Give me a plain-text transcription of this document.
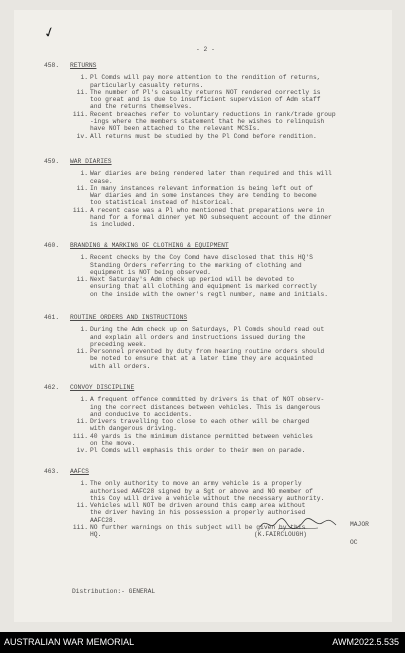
✓
- 2 -
458. RETURNS
i. Pl Comds will pay more attention to the rendition of returns,
particularly casualty returns.
ii. The number of Pl's casualty returns NOT rendered correctly is
too great and is due to insufficient supervision of Adm staff
and the returns themselves.
iii. Recent breaches refer to voluntary reductions in rank/trade group
-ings where the members statement that he wishes to relinquish
have NOT been attached to the relevant MCSIs.
iv. All returns must be studied by the Pl Comd before rendition.
459. WAR DIARIES
i. War diaries are being rendered later than required and this will
cease.
ii. In many instances relevant information is being left out of
War diaries and in some instances they are tending to become
too statistical instead of historical.
iii. A recent case was a Pl who mentioned that preparations were in
hand for a formal dinner yet NO subsequent account of the dinner
is included.
460. BRANDING & MARKING OF CLOTHING & EQUIPMENT
i. Recent checks by the Coy Comd have disclosed that this HQ'S
Standing Orders referring to the marking of clothing and
equipment is NOT being observed.
ii. Next Saturday's Adm check up period will be devoted to
ensuring that all clothing and equipment is marked correctly
on the inside with the owner's regtl number, name and initials.
461. ROUTINE ORDERS AND INSTRUCTIONS
i. During the Adm check up on Saturdays, Pl Comds should read out
and explain all orders and instructions issued during the
preceding week.
ii. Personnel prevented by duty from hearing routine orders should
be noted to ensure that at a later time they are acquainted
with all orders.
462. CONVOY DISCIPLINE
i. A frequent offence committed by drivers is that of NOT observ-
ing the correct distances between vehicles. This is dangerous
and conducive to accidents.
ii. Drivers travelling too close to each other will be charged
with dangerous driving.
iii. 40 yards is the minimum distance permitted between vehicles
on the move.
iv. Pl Comds will emphasis this order to their men on parade.
463. AAFCS
i. The only authority to move an army vehicle is a properly
authorised AAFC28 signed by a Sgt or above and NO member of
this Coy will drive a vehicle without the necessary authority.
ii. Vehicles will NOT be driven around this camp area without
the driver having in his possession a properly authorised
AAFC28.
iii. NO further warnings on this subject will be given by this
HQ.
MAJOR
(K.FAIRCLOUGH)
OC
Distribution:- GENERAL
AUSTRALIAN WAR MEMORIAL	AWM2022.5.535
